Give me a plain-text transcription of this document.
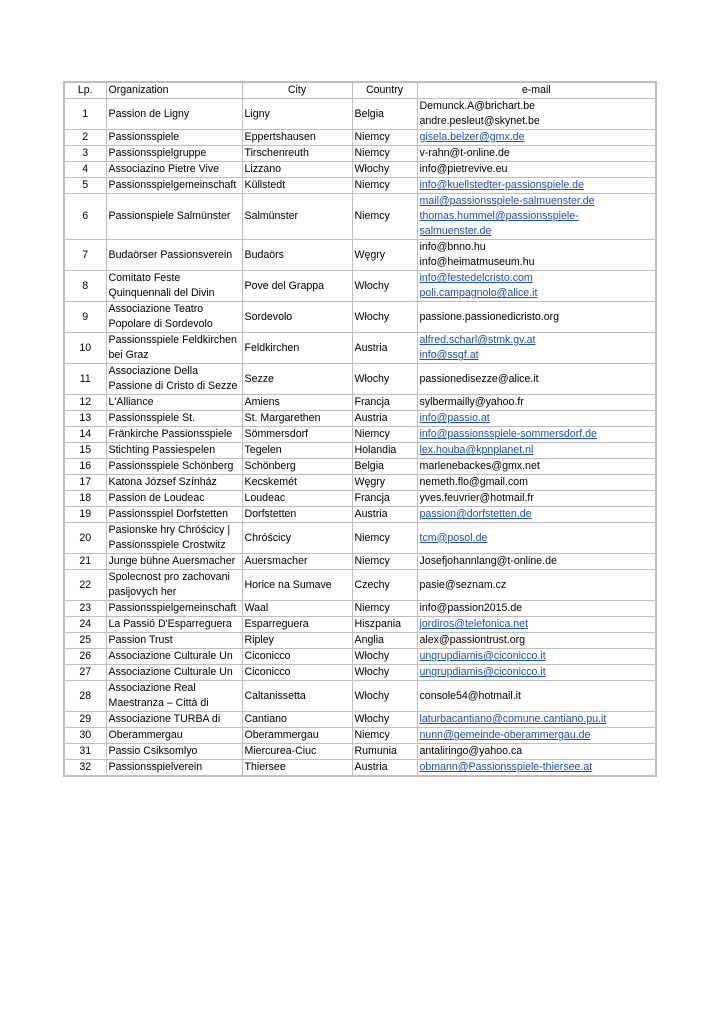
Lp.	Organization	City	Country	e-mail
1	Passion de Ligny	Ligny	Belgia	Demunck.A@brichart.be
andre.pesleut@skynet.be

2	Passionsspiele	Eppertshausen	Niemcy	gisela.belzer@gmx.de

3	Passionsspielgruppe	Tirschenreuth	Niemcy	v-rahn@t-online.de

4	Associazino Pietre Vive	Lizzano	Włochy	info@pietrevive.eu

5	Passionsspielgemeinschaft	Küllstedt	Niemcy	info@kuellstedter-passionspiele.de

6	Passionspiele Salmünster	Salmünster	Niemcy	mail@passionsspiele-salmuenster.de
thomas.hummel@passionsspiele-
salmuenster.de

7	Budaörser Passionsverein	Budaörs	Węgry	info@bnno.hu
info@heimatmuseum.hu

8	Comitato Feste
Quinquennali del Divin	Pove del Grappa	Włochy	info@festedelcristo.com
poli.campagnolo@alice.it

9	Associazione Teatro
Popolare di Sordevolo	Sordevolo	Włochy	passione.passionedicristo.org

10	Passionsspiele Feldkirchen
bei Graz	Feldkirchen	Austria	alfred.scharl@stmk.gv.at
info@ssgf.at

11	Associazione Della
Passione di Cristo di Sezze	Sezze	Włochy	passionedisezze@alice.it

12	L'Alliance	Amiens	Francja	sylbermailly@yahoo.fr

13	Passionsspiele St.	St. Margarethen	Austria	info@passio.at

14	Fränkirche Passionsspiele	Sömmersdorf	Niemcy	info@passionsspiele-sommersdorf.de

15	Stichting Passiespelen	Tegelen	Holandia	lex.houba@kpnplanet.nl

16	Passionsspiele Schönberg	Schönberg	Belgia	marlenebackes@gmx.net

17	Katona József Színház	Kecskemét	Węgry	nemeth.flo@gmail.com

18	Passion de Loudeac	Loudeac	Francja	yves.feuvrier@hotmail.fr

19	Passionsspiel Dorfstetten	Dorfstetten	Austria	passion@dorfstetten.de

20	Pasionske hry Chróścicy |
Passionsspiele Crostwitz	Chróścicy	Niemcy	tcm@posol.de

21	Junge bühne Auersmacher	Auersmacher	Niemcy	Josefjohannlang@t-online.de

22	Spolecnost pro zachovani
pasijovych her	Horice na Sumave	Czechy	pasie@seznam.cz

23	Passionsspielgemeinschaft	Waal	Niemcy	info@passion2015.de

24	La Passió D'Esparreguera	Esparreguera	Hiszpania	jordiros@telefonica.net

25	Passion Trust	Ripley	Anglia	alex@passiontrust.org

26	Associazione Culturale Un	Ciconicco	Włochy	ungrupdiamis@ciconicco.it

27	Associazione Culturale Un	Ciconicco	Włochy	ungrupdiamis@ciconicco.it

28	Associazione Real
Maestranza – Città di	Caltanissetta	Włochy	console54@hotmail.it

29	Associazione TURBA di	Cantiano	Włochy	laturbacantiano@comune.cantiano.pu.it

30	Oberammergau	Oberammergau	Niemcy	nunn@gemeinde-oberammergau.de

31	Passio Csiksomlyo	Miercurea-Ciuc	Rumunia	antaliringo@yahoo.ca

32	Passionsspielverein	Thiersee	Austria	obmann@Passionsspiele-thiersee.at
